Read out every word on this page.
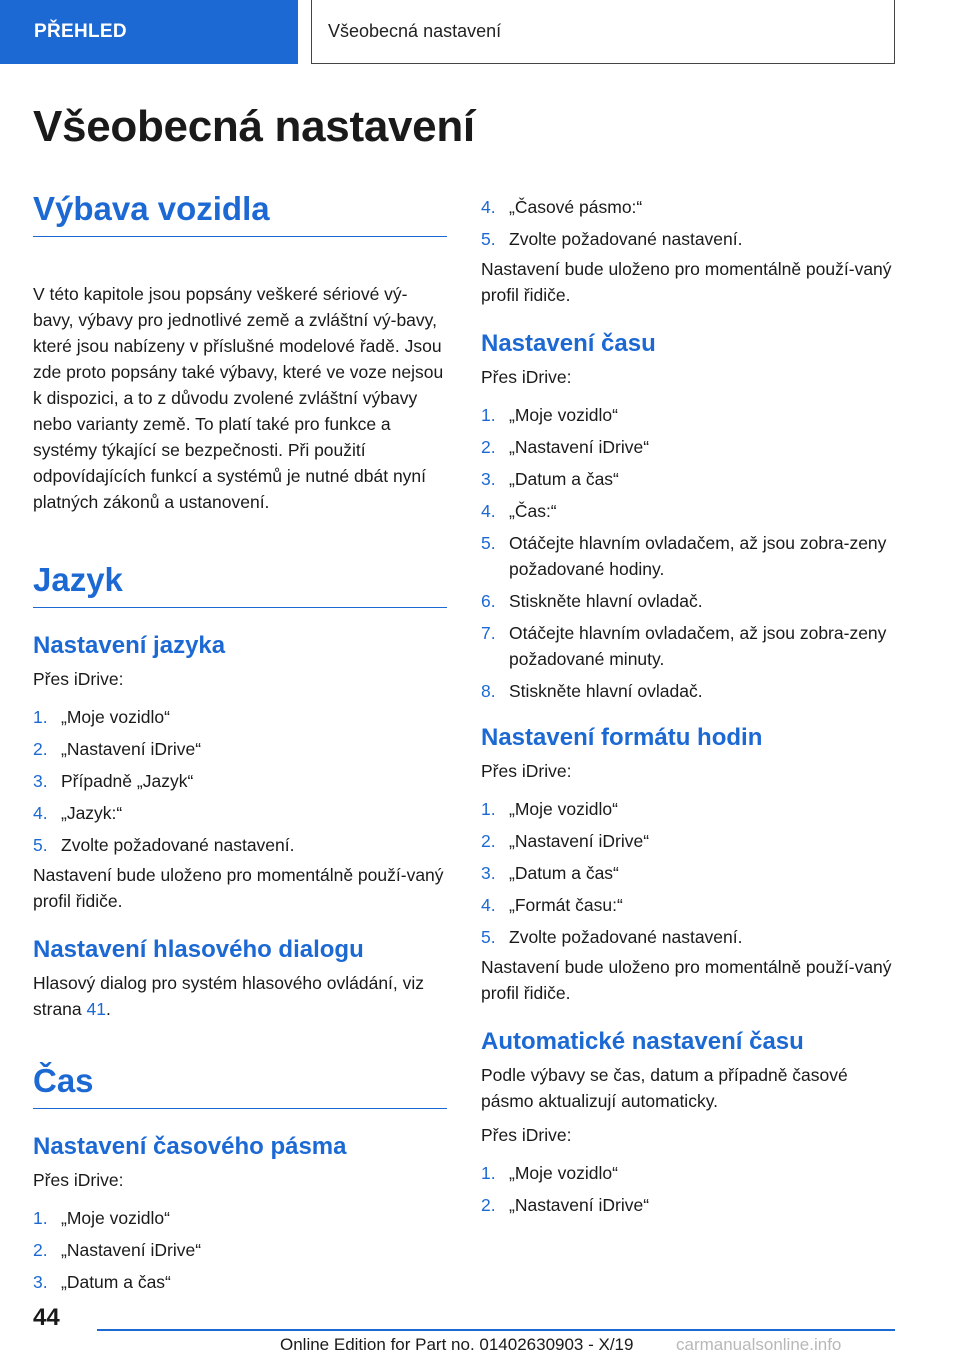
PŘEHLED	Všeobecná nastavení
Všeobecná nastavení
Výbava vozidla

V této kapitole jsou popsány veškeré sériové vý-bavy, výbavy pro jednotlivé země a zvláštní vý-bavy, které jsou nabízeny v příslušné modelové řadě. Jsou zde proto popsány také výbavy, které ve voze nejsou k dispozici, a to z důvodu zvolené zvláštní výbavy nebo varianty země. To platí také pro funkce a systémy týkající se bezpečnosti. Při použití odpovídajících funkcí a systémů je nutné dbát nyní platných zákonů a ustanovení.

Jazyk
Nastavení jazyka

Přes iDrive:

1. „Moje vozidlo“
2. „Nastavení iDrive“
3. Případně „Jazyk“
4. „Jazyk:“
5. Zvolte požadované nastavení.

Nastavení bude uloženo pro momentálně použí-vaný profil řidiče.

Nastavení hlasového dialogu

Hlasový dialog pro systém hlasového ovládání, viz strana 41.

Čas
Nastavení časového pásma

Přes iDrive:

1. „Moje vozidlo“
2. „Nastavení iDrive“
3. „Datum a čas“
4. „Časové pásmo:“
5. Zvolte požadované nastavení.

Nastavení bude uloženo pro momentálně použí-vaný profil řidiče.

Nastavení času

Přes iDrive:

1. „Moje vozidlo“
2. „Nastavení iDrive“
3. „Datum a čas“
4. „Čas:“
5. Otáčejte hlavním ovladačem, až jsou zobra-zeny požadované hodiny.
6. Stiskněte hlavní ovladač.
7. Otáčejte hlavním ovladačem, až jsou zobra-zeny požadované minuty.
8. Stiskněte hlavní ovladač.
Nastavení formátu hodin

Přes iDrive:

1. „Moje vozidlo“
2. „Nastavení iDrive“
3. „Datum a čas“
4. „Formát času:“
5. Zvolte požadované nastavení.

Nastavení bude uloženo pro momentálně použí-vaný profil řidiče.

Automatické nastavení času

Podle výbavy se čas, datum a případně časové pásmo aktualizují automaticky.

Přes iDrive:

1. „Moje vozidlo“
2. „Nastavení iDrive“
44
Online Edition for Part no. 01402630903 - X/19	carmanualsonline.info
